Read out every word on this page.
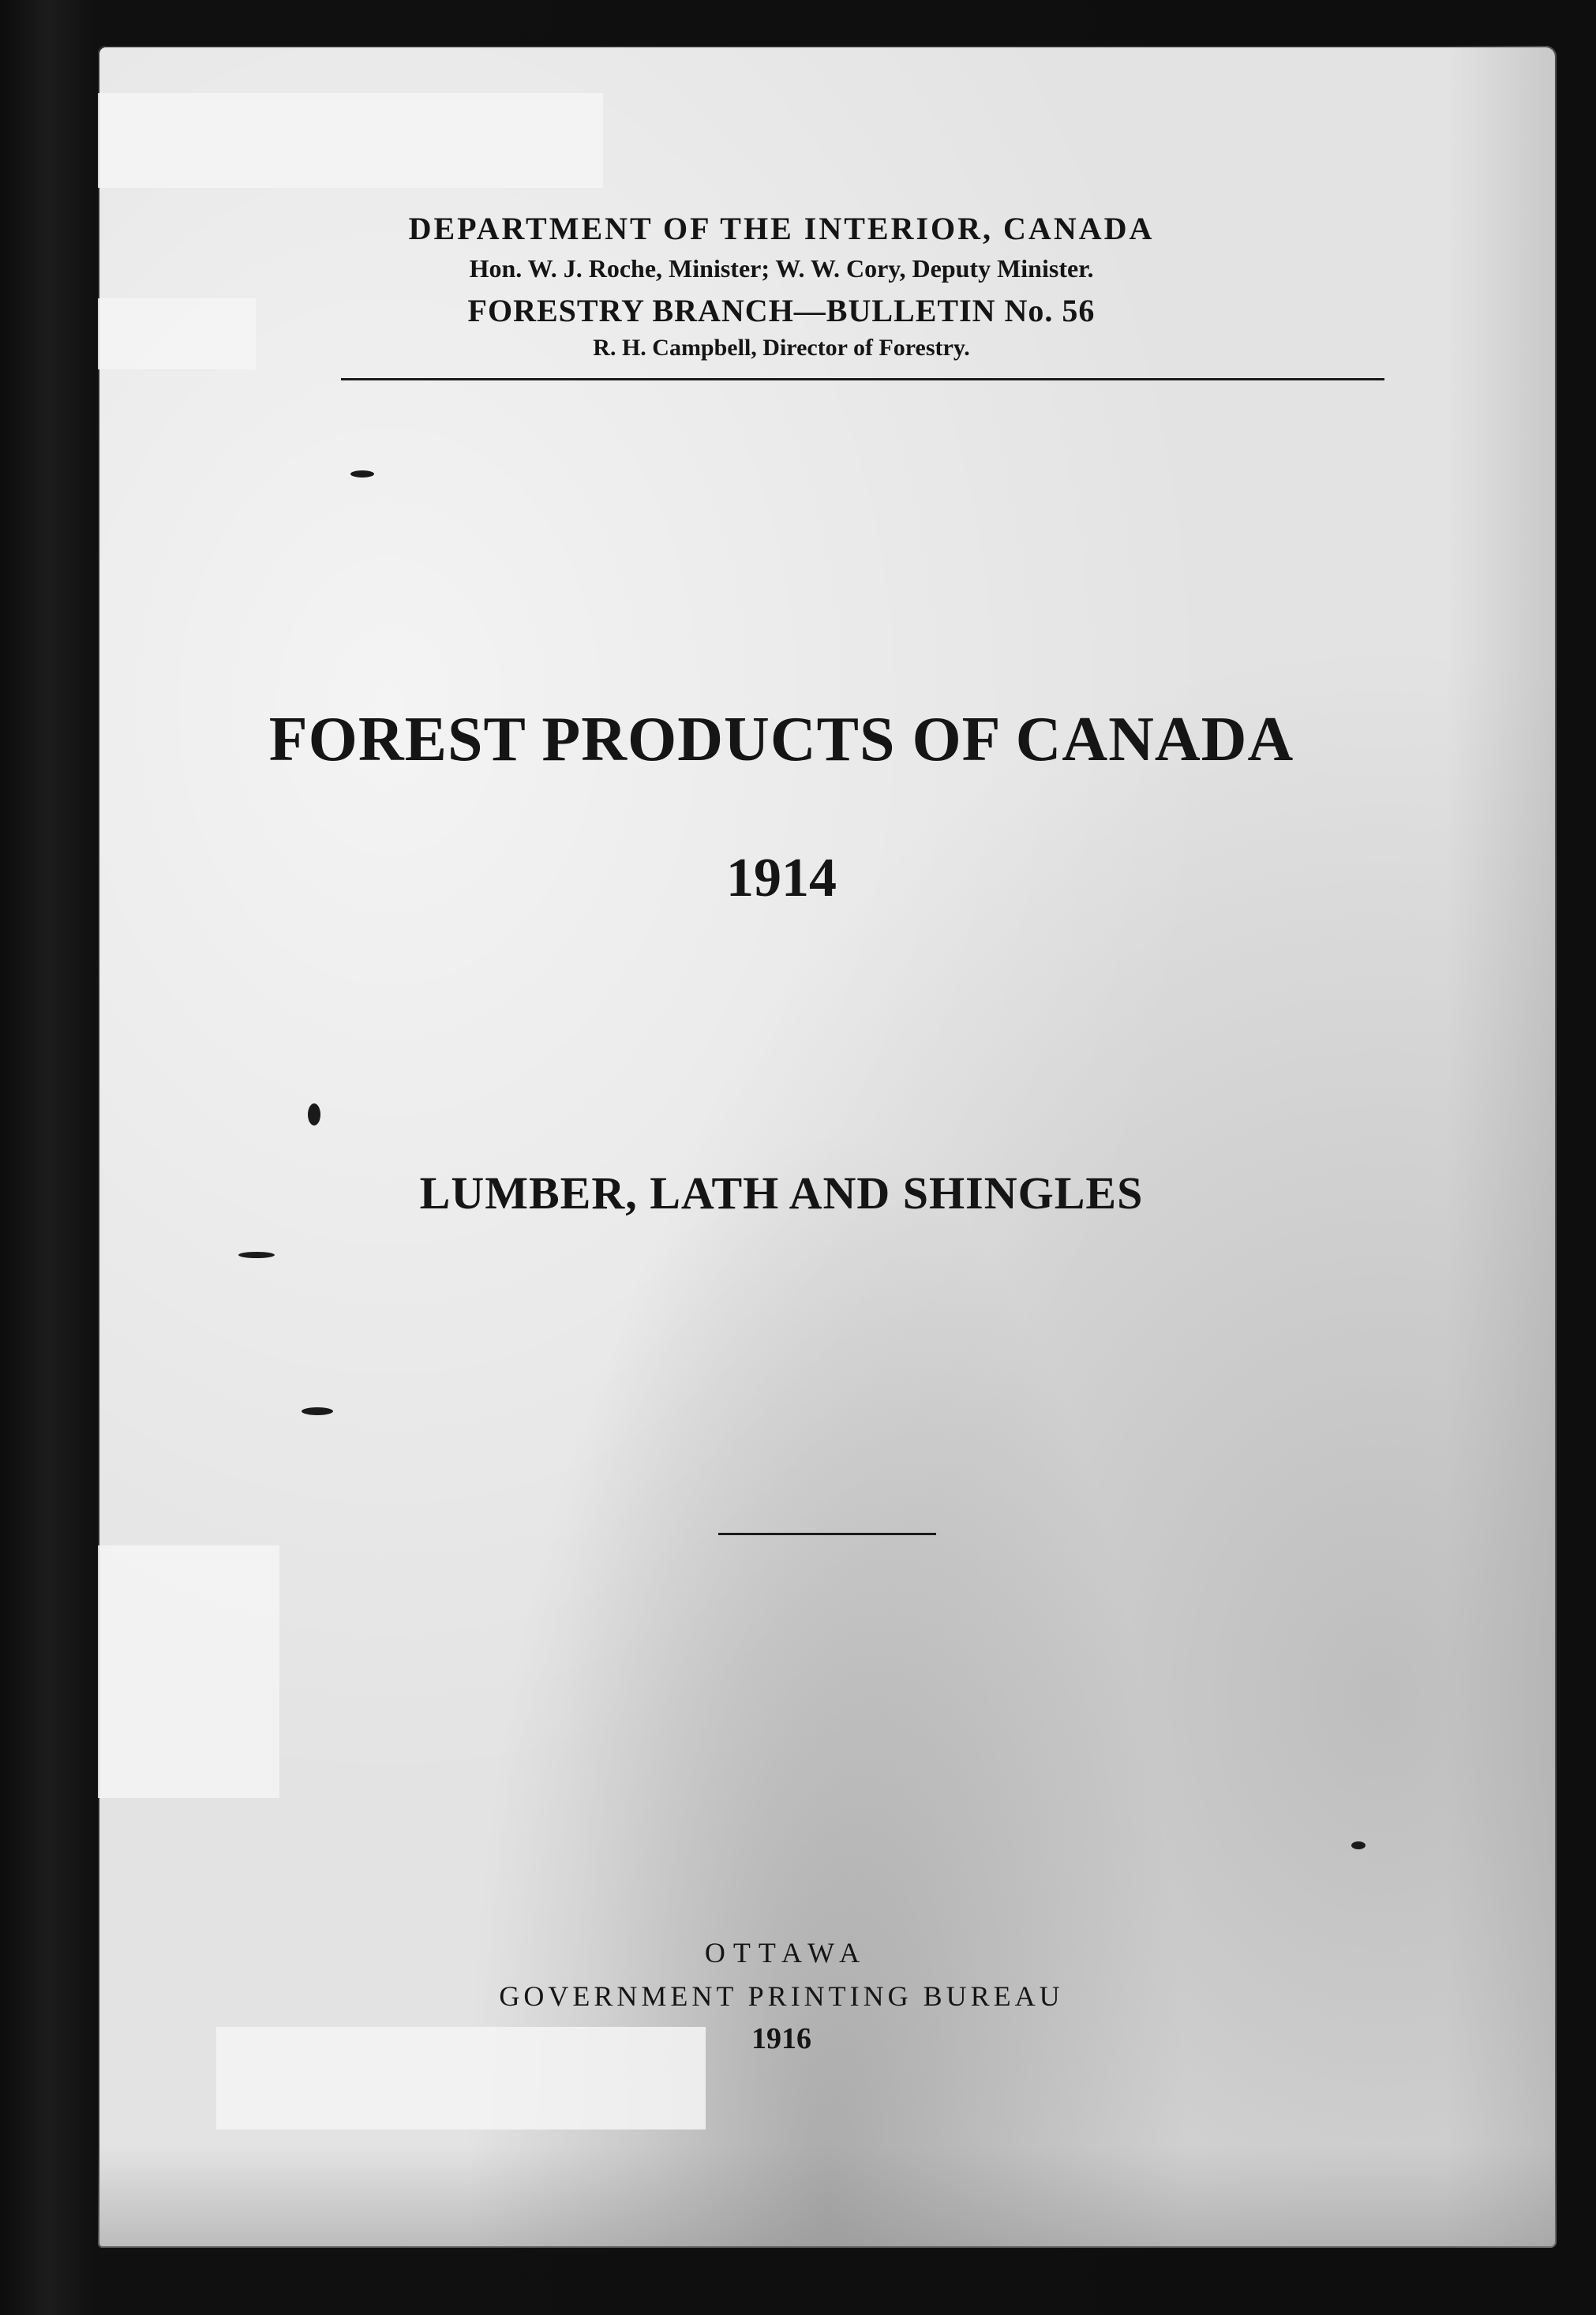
DEPARTMENT OF THE INTERIOR, CANADA
Hon. W. J. Roche, Minister; W. W. Cory, Deputy Minister.
FORESTRY BRANCH—BULLETIN No. 56
R. H. Campbell, Director of Forestry.
FOREST PRODUCTS OF CANADA
1914
LUMBER, LATH AND SHINGLES
OTTAWA
GOVERNMENT PRINTING BUREAU
1916
